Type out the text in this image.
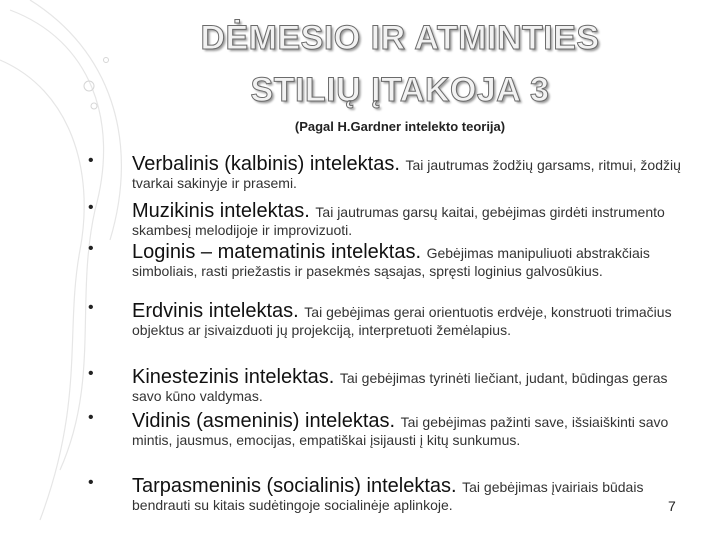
DĖMESIO IR ATMINTIES
STILIŲ ĮTAKOJA 3
(Pagal H.Gardner intelekto teorija)
• Verbalinis (kalbinis) intelektas. Tai jautrumas žodžių garsams, ritmui, žodžių tvarkai sakinyje ir prasemi.
• Muzikinis intelektas. Tai jautrumas garsų kaitai, gebėjimas girdėti instrumento skambesį melodijoje ir improvizuoti.
• Loginis – matematinis intelektas. Gebėjimas manipuliuoti abstrakčiais simboliais, rasti priežastis ir pasekmės sąsajas, spręsti loginius galvosūkius.
• Erdvinis intelektas. Tai gebėjimas gerai orientuotis erdvėje, konstruoti trimačius objektus ar įsivaizduoti jų projekciją, interpretuoti žemėlapius.
• Kinestezinis intelektas. Tai gebėjimas tyrinėti liečiant, judant, būdingas geras savo kūno valdymas.
• Vidinis (asmeninis) intelektas. Tai gebėjimas pažinti save, išsiaiškinti savo mintis, jausmus, emocijas, empatiškai įsijausti į kitų sunkumus.
• Tarpasmeninis (socialinis) intelektas. Tai gebėjimas įvairiais būdais bendrauti su kitais sudėtingoje socialinėje aplinkoje.	7
